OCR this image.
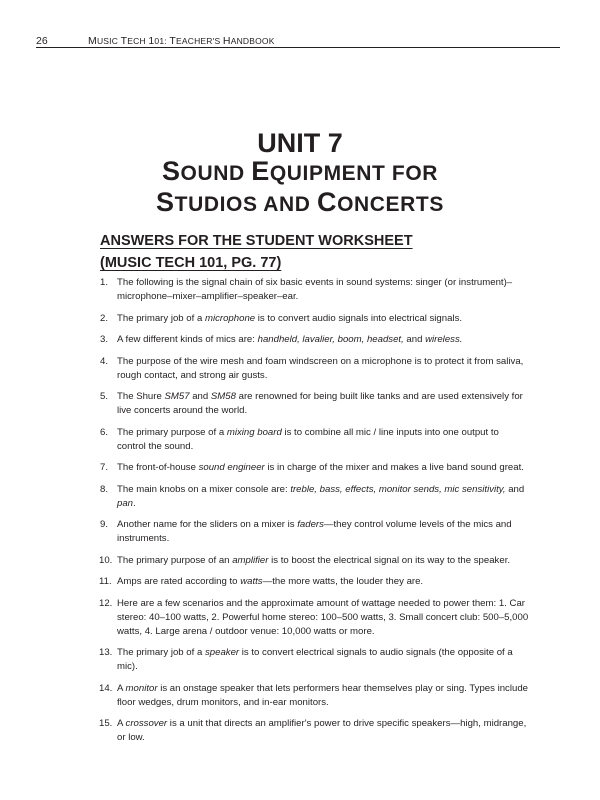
26	MUSIC TECH 101: TEACHER'S HANDBOOK
UNIT 7
SOUND EQUIPMENT FOR
STUDIOS AND CONCERTS
ANSWERS FOR THE STUDENT WORKSHEET
(MUSIC TECH 101, PG. 77)
1. The following is the signal chain of six basic events in sound systems: singer (or instrument)–microphone–mixer–amplifier–speaker–ear.
2. The primary job of a microphone is to convert audio signals into electrical signals.
3. A few different kinds of mics are: handheld, lavalier, boom, headset, and wireless.
4. The purpose of the wire mesh and foam windscreen on a microphone is to protect it from saliva, rough contact, and strong air gusts.
5. The Shure SM57 and SM58 are renowned for being built like tanks and are used extensively for live concerts around the world.
6. The primary purpose of a mixing board is to combine all mic / line inputs into one output to control the sound.
7. The front-of-house sound engineer is in charge of the mixer and makes a live band sound great.
8. The main knobs on a mixer console are: treble, bass, effects, monitor sends, mic sensitivity, and pan.
9. Another name for the sliders on a mixer is faders—they control volume levels of the mics and instruments.
10. The primary purpose of an amplifier is to boost the electrical signal on its way to the speaker.
11. Amps are rated according to watts—the more watts, the louder they are.
12. Here are a few scenarios and the approximate amount of wattage needed to power them: 1. Car stereo: 40–100 watts, 2. Powerful home stereo: 100–500 watts, 3. Small concert club: 500–5,000 watts, 4. Large arena / outdoor venue: 10,000 watts or more.
13. The primary job of a speaker is to convert electrical signals to audio signals (the opposite of a mic).
14. A monitor is an onstage speaker that lets performers hear themselves play or sing. Types include floor wedges, drum monitors, and in-ear monitors.
15. A crossover is a unit that directs an amplifier's power to drive specific speakers—high, midrange, or low.
